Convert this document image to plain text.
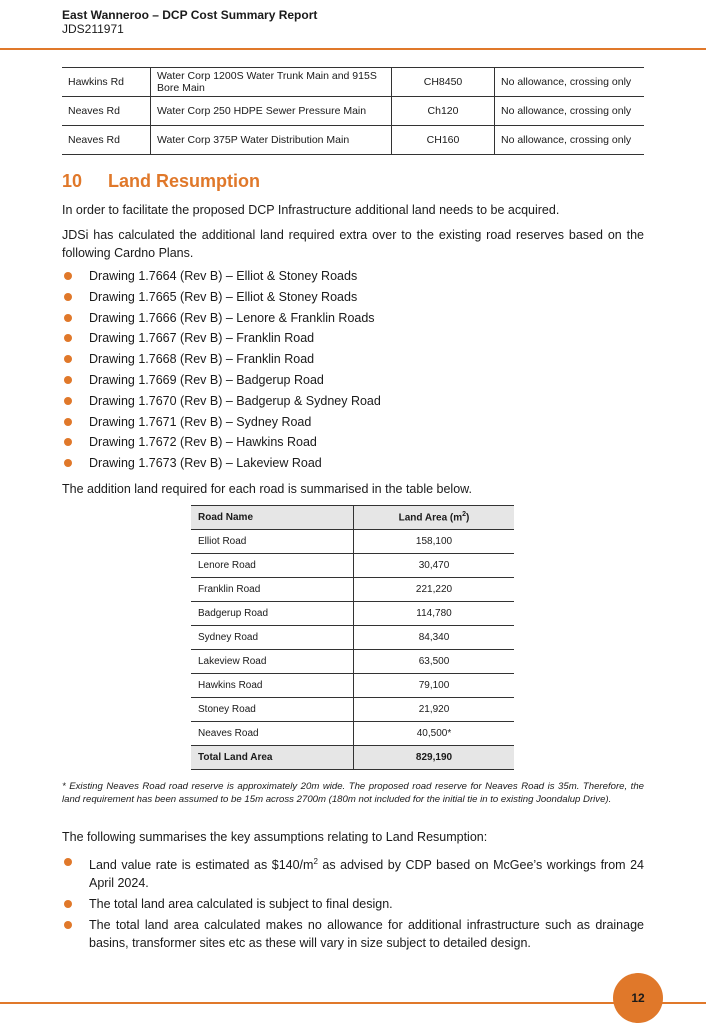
East Wanneroo – DCP Cost Summary Report
JDS211971
Hawkins Rd	Water Corp 1200S Water Trunk Main and 915S Bore Main	CH8450	No allowance, crossing only
Neaves Rd	Water Corp 250 HDPE Sewer Pressure Main	Ch120	No allowance, crossing only
Neaves Rd	Water Corp 375P Water Distribution Main	CH160	No allowance, crossing only
10 Land Resumption
In order to facilitate the proposed DCP Infrastructure additional land needs to be acquired.
JDSi has calculated the additional land required extra over to the existing road reserves based on the following Cardno Plans.
Drawing 1.7664 (Rev B) – Elliot & Stoney Roads
Drawing 1.7665 (Rev B) – Elliot & Stoney Roads
Drawing 1.7666 (Rev B) – Lenore & Franklin Roads
Drawing 1.7667 (Rev B) – Franklin Road
Drawing 1.7668 (Rev B) – Franklin Road
Drawing 1.7669 (Rev B) – Badgerup Road
Drawing 1.7670 (Rev B) – Badgerup & Sydney Road
Drawing 1.7671 (Rev B) – Sydney Road
Drawing 1.7672 (Rev B) – Hawkins Road
Drawing 1.7673 (Rev B) – Lakeview Road
The addition land required for each road is summarised in the table below.
Road Name	Land Area $(m^2)$
Elliot Road	158,100
Lenore Road	30,470
Franklin Road	221,220
Badgerup Road	114,780
Sydney Road	84,340
Lakeview Road	63,500
Hawkins Road	79,100
Stoney Road	21,920
Neaves Road	40,500*
Total Land Area	829,190
* Existing Neaves Road road reserve is approximately 20m wide. The proposed road reserve for Neaves Road is 35m. Therefore, the land requirement has been assumed to be 15m across 2700m (180m not included for the initial tie in to existing Joondalup Drive).
The following summarises the key assumptions relating to Land Resumption:
Land value rate is estimated as $\$140/m^2$ as advised by CDP based on McGee’s workings from 24 April 2024.
The total land area calculated is subject to final design.
The total land area calculated makes no allowance for additional infrastructure such as drainage basins, transformer sites etc as these will vary in size subject to detailed design.
12
